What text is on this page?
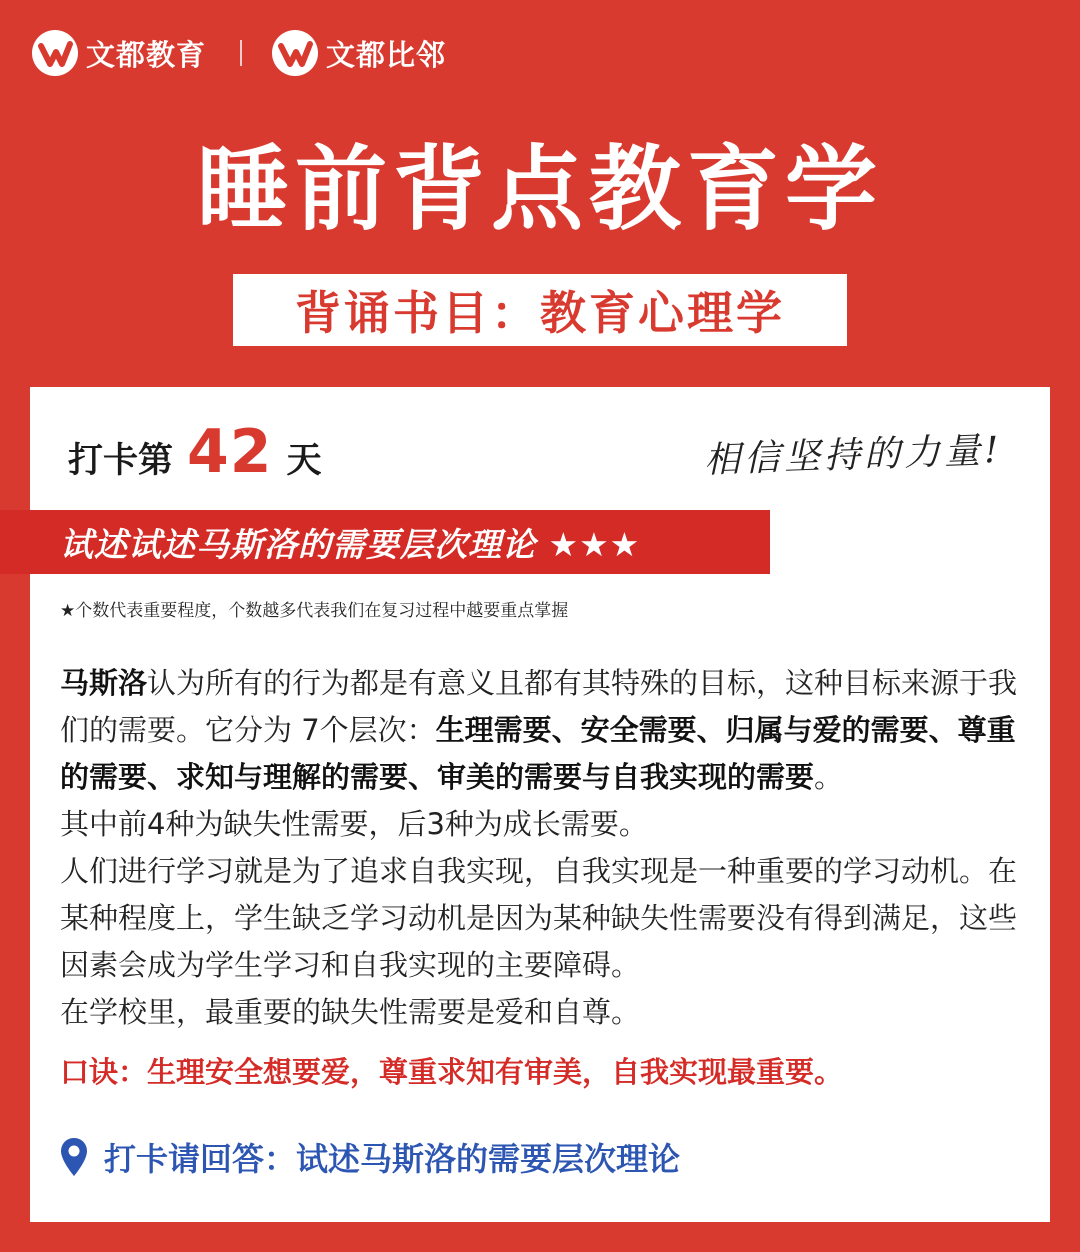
文都教育	文都比邻
睡前背点教育学
背诵书目：教育心理学
打卡第 42 天	相信坚持的力量!
试述试述马斯洛的需要层次理论 ★★★
★个数代表重要程度，个数越多代表我们在复习过程中越要重点掌握
马斯洛认为所有的行为都是有意义且都有其特殊的目标，这种目标来源于我们的需要。它分为 7个层次：生理需要、安全需要、归属与爱的需要、尊重的需要、求知与理解的需要、审美的需要与自我实现的需要。
其中前4种为缺失性需要，后3种为成长需要。
人们进行学习就是为了追求自我实现，自我实现是一种重要的学习动机。在某种程度上，学生缺乏学习动机是因为某种缺失性需要没有得到满足，这些因素会成为学生学习和自我实现的主要障碍。
在学校里，最重要的缺失性需要是爱和自尊。

口诀：生理安全想要爱，尊重求知有审美，自我实现最重要。

打卡请回答：试述马斯洛的需要层次理论
